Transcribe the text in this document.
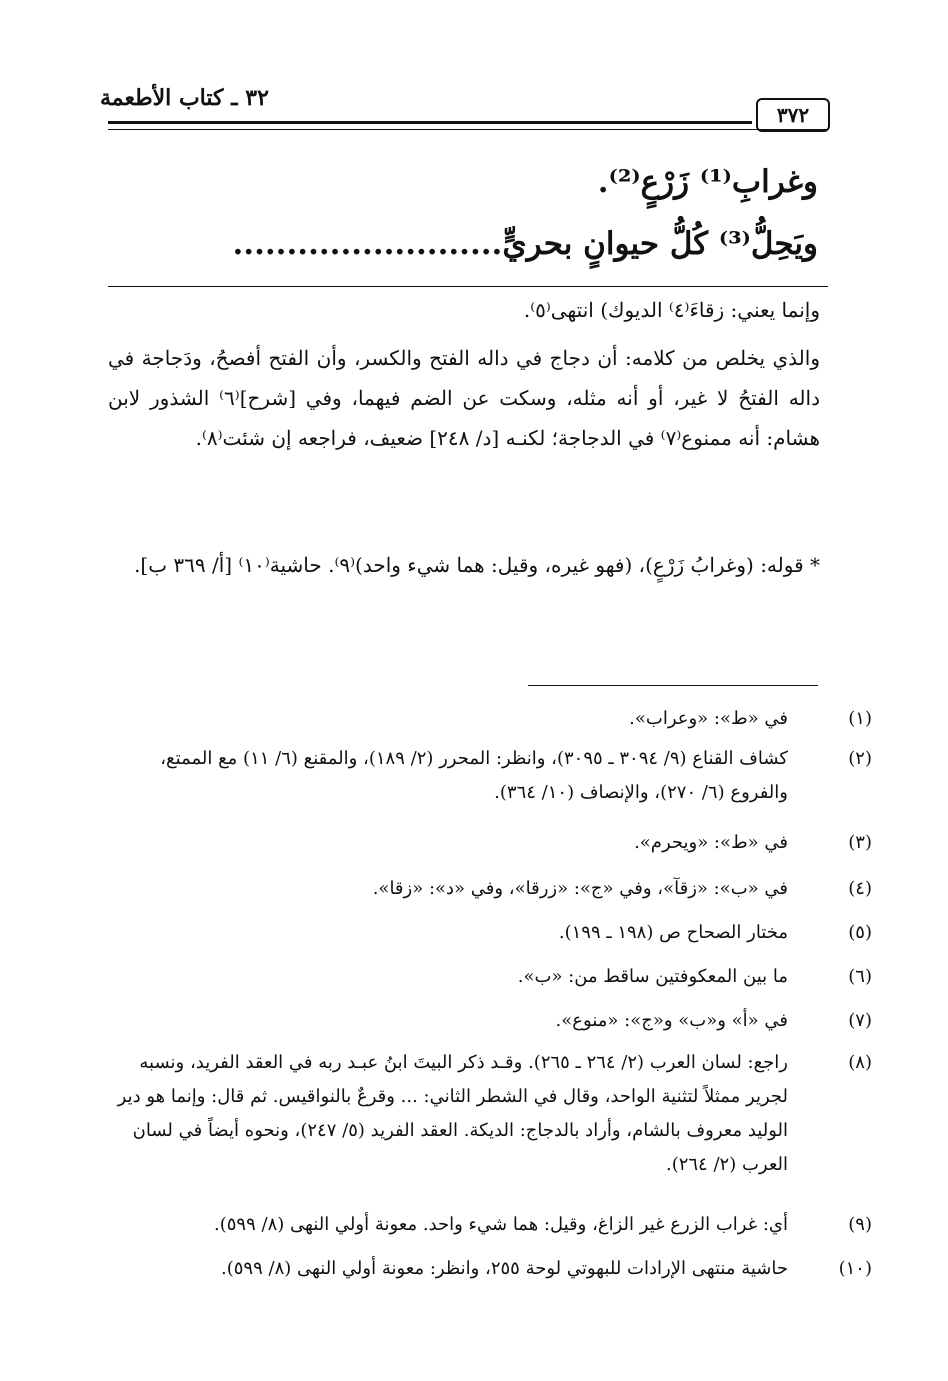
٣٢ ـ كتاب الأطعمة
٣٧٢
وغرابِ⁽¹⁾ زَرْعٍ⁽²⁾.
ويَحِلُّ⁽³⁾ كُلُّ حيوانٍ بحريٍّ.........................
وإنما يعني: زقاءَ⁽٤⁾ الديوك) انتهى⁽٥⁾.
والذي يخلص من كلامه: أن دجاج في داله الفتح والكسر، وأن الفتح أفصحُ، ودَجاجة في داله الفتحُ لا غير، أو أنه مثله، وسكت عن الضم فيهما، وفي [شرح]⁽٦⁾ الشذور لابن هشام: أنه ممنوع⁽٧⁾ في الدجاجة؛ لكنـه [د/ ٢٤٨] ضعيف، فراجعه إن شئت⁽٨⁾.
* قوله: (وغرابُ زَرْعٍ)، (فهو غيره، وقيل: هما شيء واحد)⁽٩⁾. حاشية⁽١٠⁾ [أ/ ٣٦٩ ب].
(١)في «ط»: «وعراب».
(٢)كشاف القناع (٩/ ٣٠٩٤ ـ ٣٠٩٥)، وانظر: المحرر (٢/ ١٨٩)، والمقنع (٦/ ١١) مع الممتع، والفروع (٦/ ٢٧٠)، والإنصاف (١٠/ ٣٦٤).
(٣)في «ط»: «ويحرم».
(٤)في «ب»: «زقآ»، وفي «ج»: «زرقا»، وفي «د»: «زقا».
(٥)مختار الصحاح ص (١٩٨ ـ ١٩٩).
(٦)ما بين المعكوفتين ساقط من: «ب».
(٧)في «أ» و«ب» و«ج»: «منوع».
(٨)راجع: لسان العرب (٢/ ٢٦٤ ـ ٢٦٥). وقـد ذكر البيتَ ابنُ عبـد ربه في العقد الفريد، ونسبه لجرير ممثلاً لتثنية الواحد، وقال في الشطر الثاني: ... وقرعٌ بالنواقيس. ثم قال: وإنما هو دير الوليد معروف بالشام، وأراد بالدجاج: الديكة. العقد الفريد (٥/ ٢٤٧)، ونحوه أيضاً في لسان العرب (٢/ ٢٦٤).
(٩)أي: غراب الزرع غير الزاغ، وقيل: هما شيء واحد. معونة أولي النهى (٨/ ٥٩٩).
(١٠)حاشية منتهى الإرادات للبهوتي لوحة ٢٥٥، وانظر: معونة أولي النهى (٨/ ٥٩٩).
